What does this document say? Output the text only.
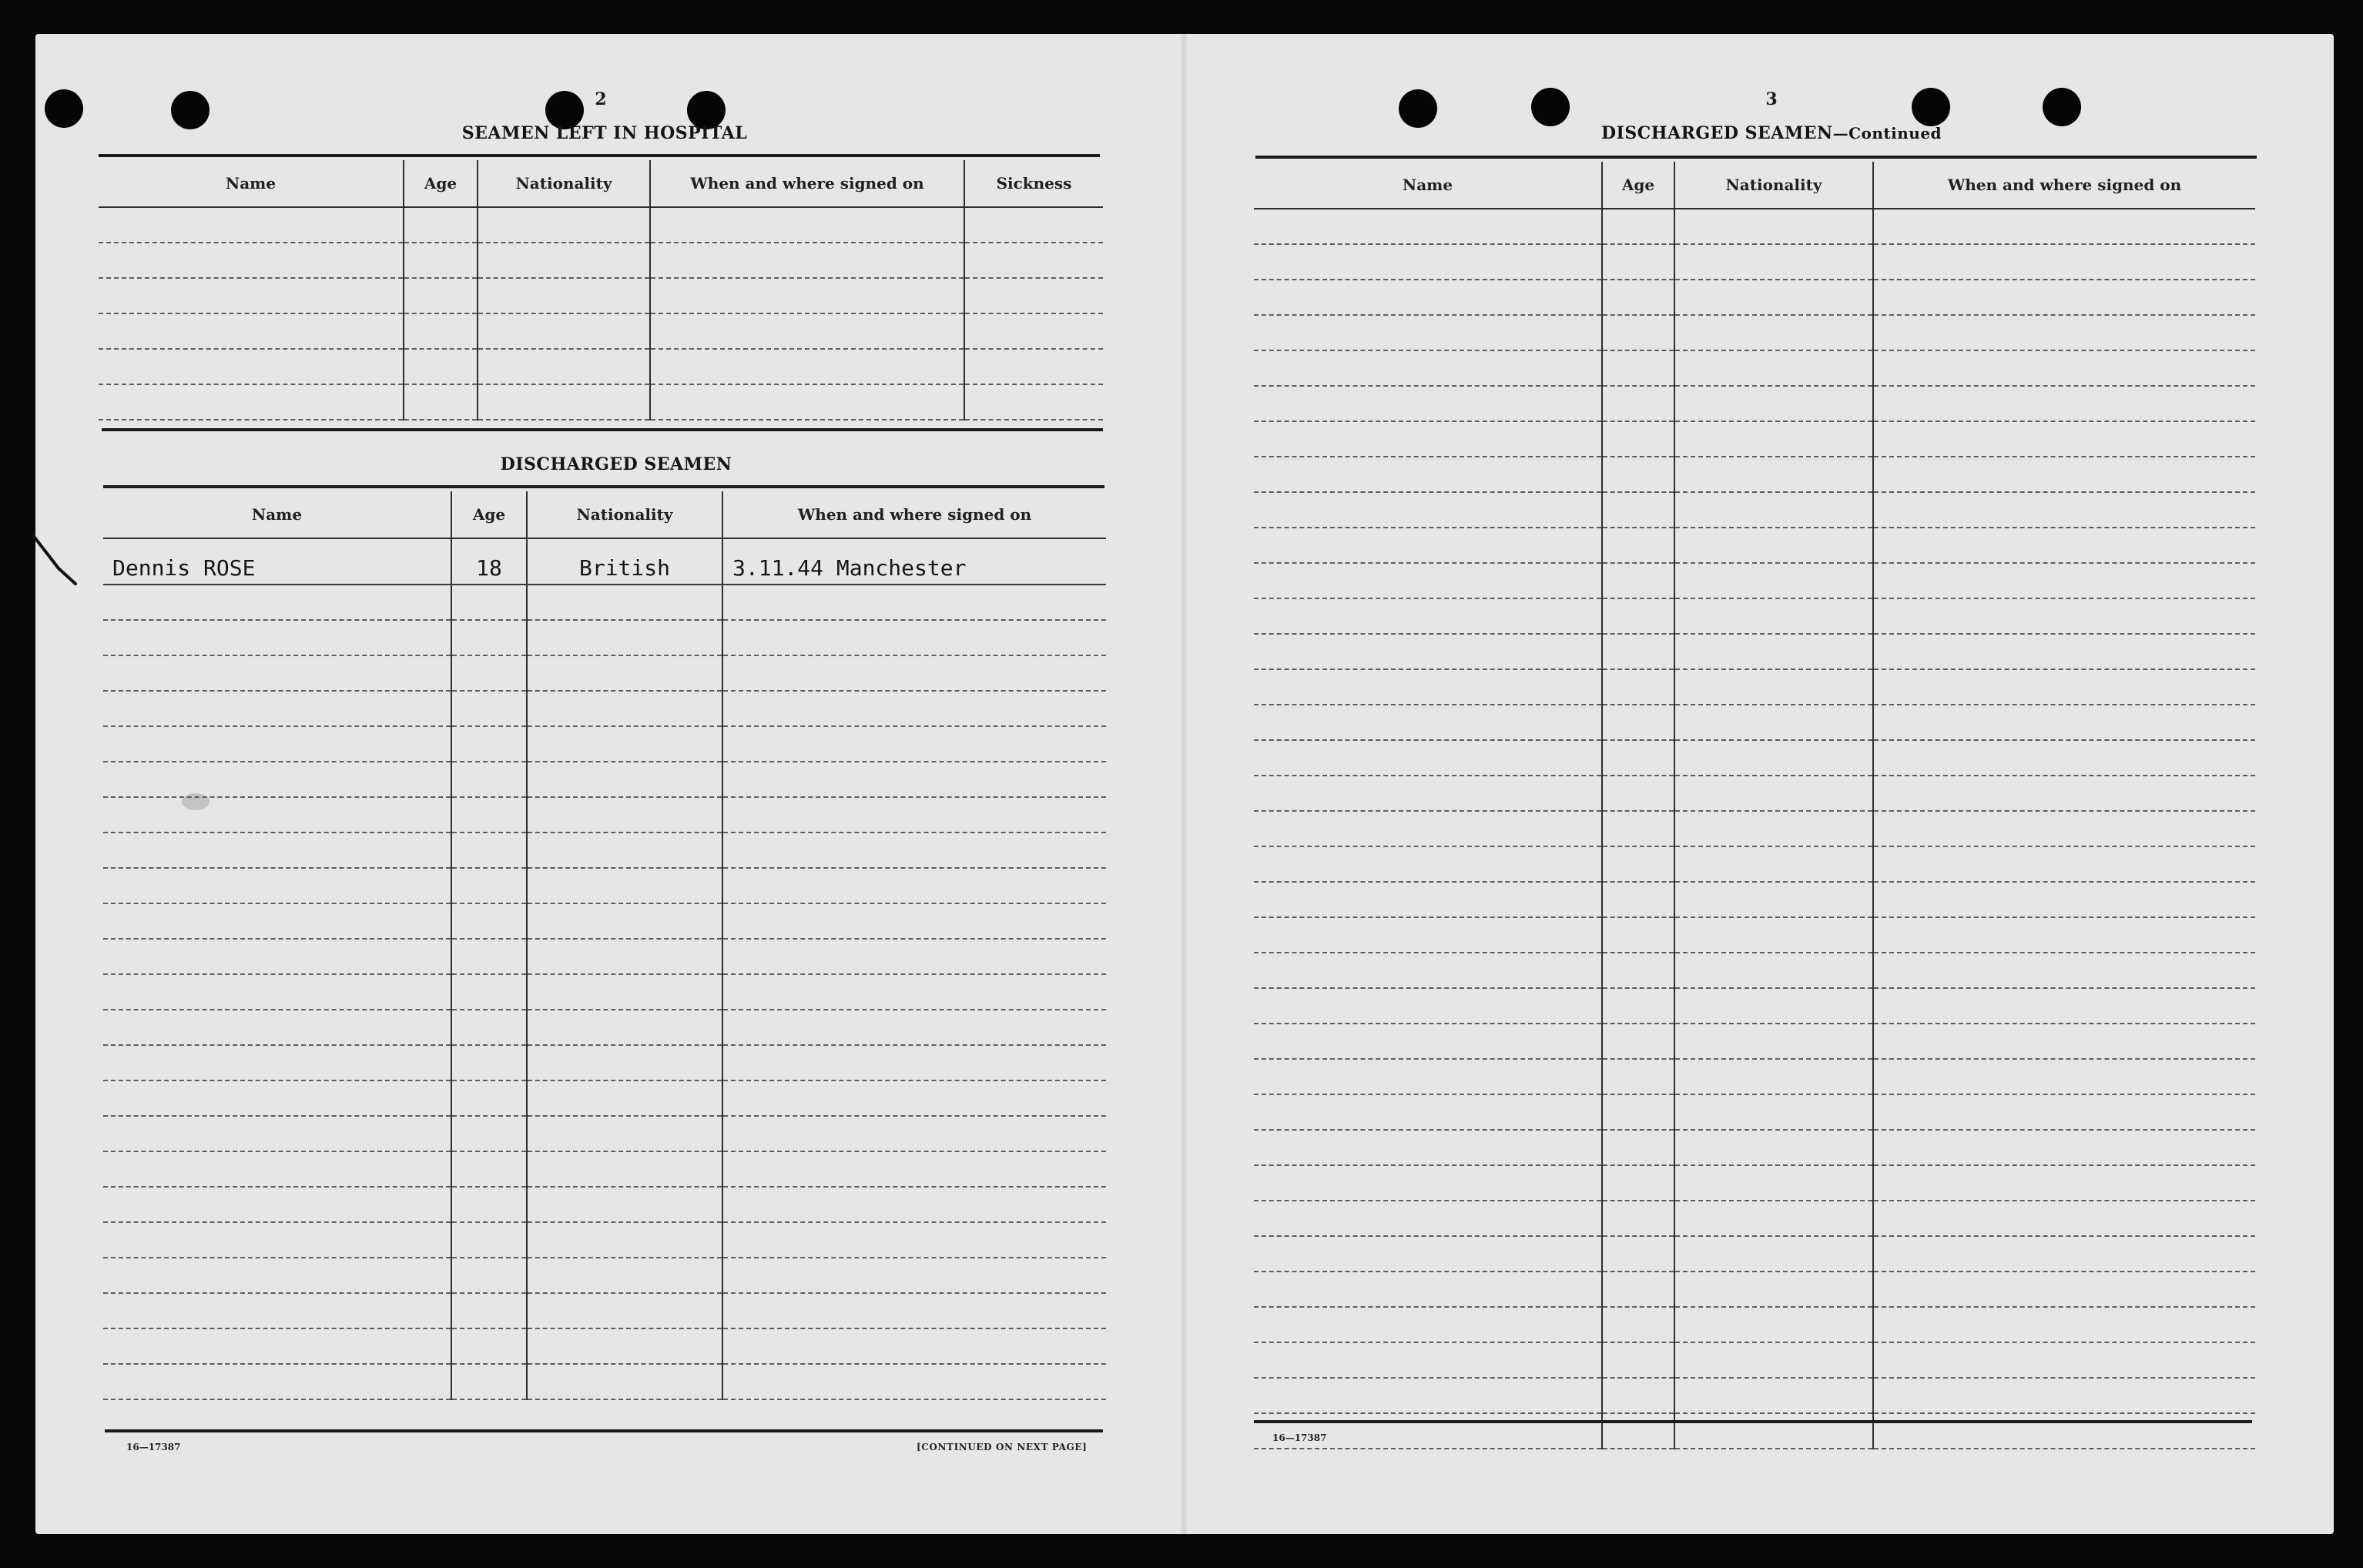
2
SEAMEN LEFT IN HOSPITAL
Name	Age	Nationality	When and where signed on	Sickness

DISCHARGED SEAMEN
Name	Age	Nationality	When and where signed on
Dennis ROSE	18	British	3.11.44 Manchester

16—17387	[CONTINUED ON NEXT PAGE]
3
DISCHARGED SEAMEN—Continued
Name	Age	Nationality	When and where signed on

16—17387
